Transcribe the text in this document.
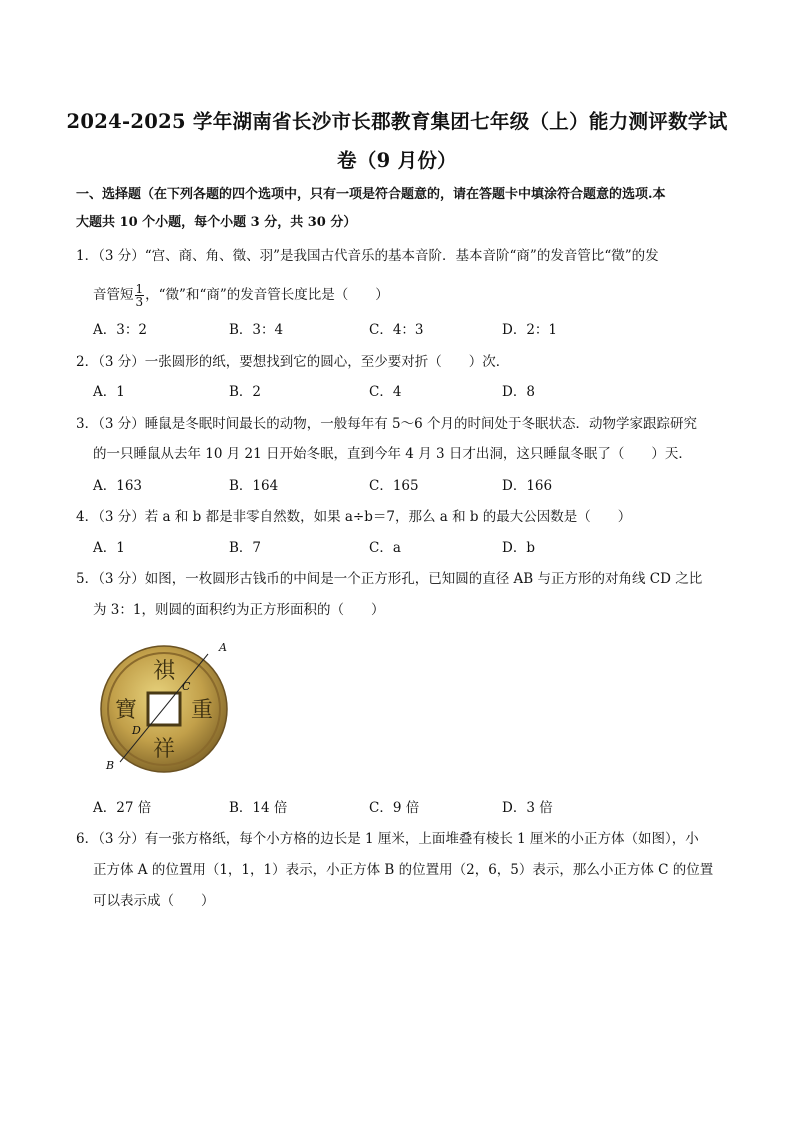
2024-2025 学年湖南省长沙市长郡教育集团七年级（上）能力测评数学试
卷（9 月份）
一、选择题（在下列各题的四个选项中，只有一项是符合题意的，请在答题卡中填涂符合题意的选项.本
大题共 10 个小题，每个小题 3 分，共 30 分）
1．（3 分）“宫、商、角、徵、羽”是我国古代音乐的基本音阶．基本音阶“商”的发音管比“徵”的发
音管短 $\frac{1}{3}$ ，“徵”和“商”的发音管长度比是（　　）
A．3：2	B．3：4	C．4：3	D．2：1
2．（3 分）一张圆形的纸，要想找到它的圆心，至少要对折（　　）次．
A．1	B．2	C．4	D．8
3．（3 分）睡鼠是冬眠时间最长的动物，一般每年有 5～6 个月的时间处于冬眠状态．动物学家跟踪研究
的一只睡鼠从去年 10 月 21 日开始冬眠，直到今年 4 月 3 日才出洞，这只睡鼠冬眠了（　　）天．
A．163	B．164	C．165	D．166
4．（3 分）若 a 和 b 都是非零自然数，如果 a÷b＝7，那么 a 和 b 的最大公因数是（　　）
A．1	B．7	C．a	D．b
5．（3 分）如图，一枚圆形古钱币的中间是一个正方形孔，已知圆的直径 AB 与正方形的对角线 CD 之比
为 3：1，则圆的面积约为正方形面积的（　　）
祺
祥
寶 重
A
B
C
D
A．27 倍	B．14 倍	C．9 倍	D．3 倍
6．（3 分）有一张方格纸，每个小方格的边长是 1 厘米，上面堆叠有棱长 1 厘米的小正方体（如图），小
正方体 A 的位置用（1，1，1）表示，小正方体 B 的位置用（2，6，5）表示，那么小正方体 C 的位置
可以表示成（　　）
